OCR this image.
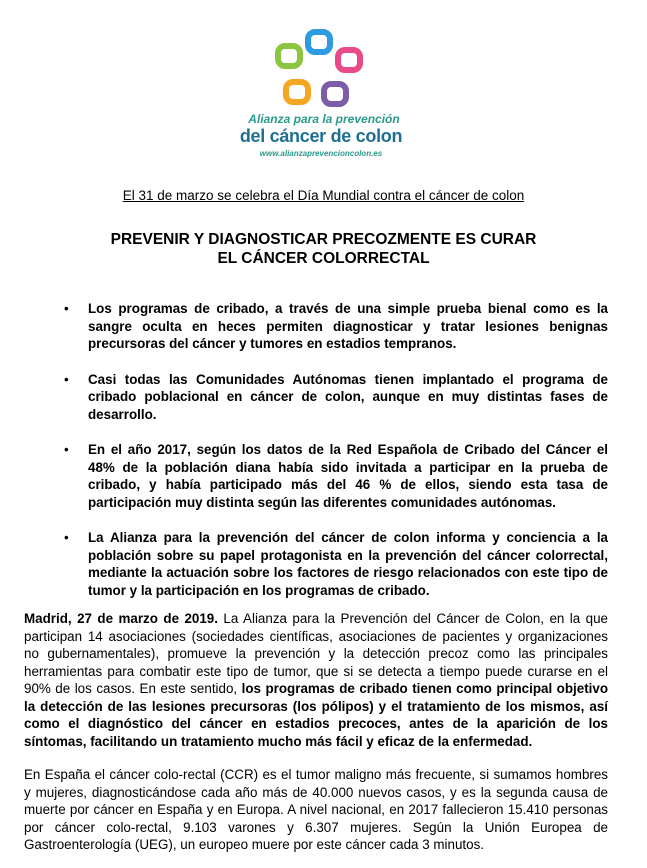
Alianza para la prevención
del cáncer de colon
www.alianzaprevencioncolon.es
El 31 de marzo se celebra el Día Mundial contra el cáncer de colon
PREVENIR Y DIAGNOSTICAR PRECOZMENTE ES CURAR
EL CÁNCER COLORRECTAL
• Los programas de cribado, a través de una simple prueba bienal como es la sangre oculta en heces permiten diagnosticar y tratar lesiones benignas precursoras del cáncer y tumores en estadios tempranos.
• Casi todas las Comunidades Autónomas tienen implantado el programa de cribado poblacional en cáncer de colon, aunque en muy distintas fases de desarrollo.
• En el año 2017, según los datos de la Red Española de Cribado del Cáncer el 48% de la población diana había sido invitada a participar en la prueba de cribado, y había participado más del 46 % de ellos, siendo esta tasa de participación muy distinta según las diferentes comunidades autónomas.
• La Alianza para la prevención del cáncer de colon informa y conciencia a la población sobre su papel protagonista en la prevención del cáncer colorrectal, mediante la actuación sobre los factores de riesgo relacionados con este tipo de tumor y la participación en los programas de cribado.

Madrid, 27 de marzo de 2019. La Alianza para la Prevención del Cáncer de Colon, en la que participan 14 asociaciones (sociedades científicas, asociaciones de pacientes y organizaciones no gubernamentales), promueve la prevención y la detección precoz como las principales herramientas para combatir este tipo de tumor, que si se detecta a tiempo puede curarse en el 90% de los casos. En este sentido, los programas de cribado tienen como principal objetivo la detección de las lesiones precursoras (los pólipos) y el tratamiento de los mismos, así como el diagnóstico del cáncer en estadios precoces, antes de la aparición de los síntomas, facilitando un tratamiento mucho más fácil y eficaz de la enfermedad.

En España el cáncer colo-rectal (CCR) es el tumor maligno más frecuente, si sumamos hombres y mujeres, diagnosticándose cada año más de 40.000 nuevos casos, y es la segunda causa de muerte por cáncer en España y en Europa. A nivel nacional, en 2017 fallecieron 15.410 personas por cáncer colo-rectal, 9.103 varones y 6.307 mujeres. Según la Unión Europea de Gastroenterología (UEG), un europeo muere por este cáncer cada 3 minutos.
